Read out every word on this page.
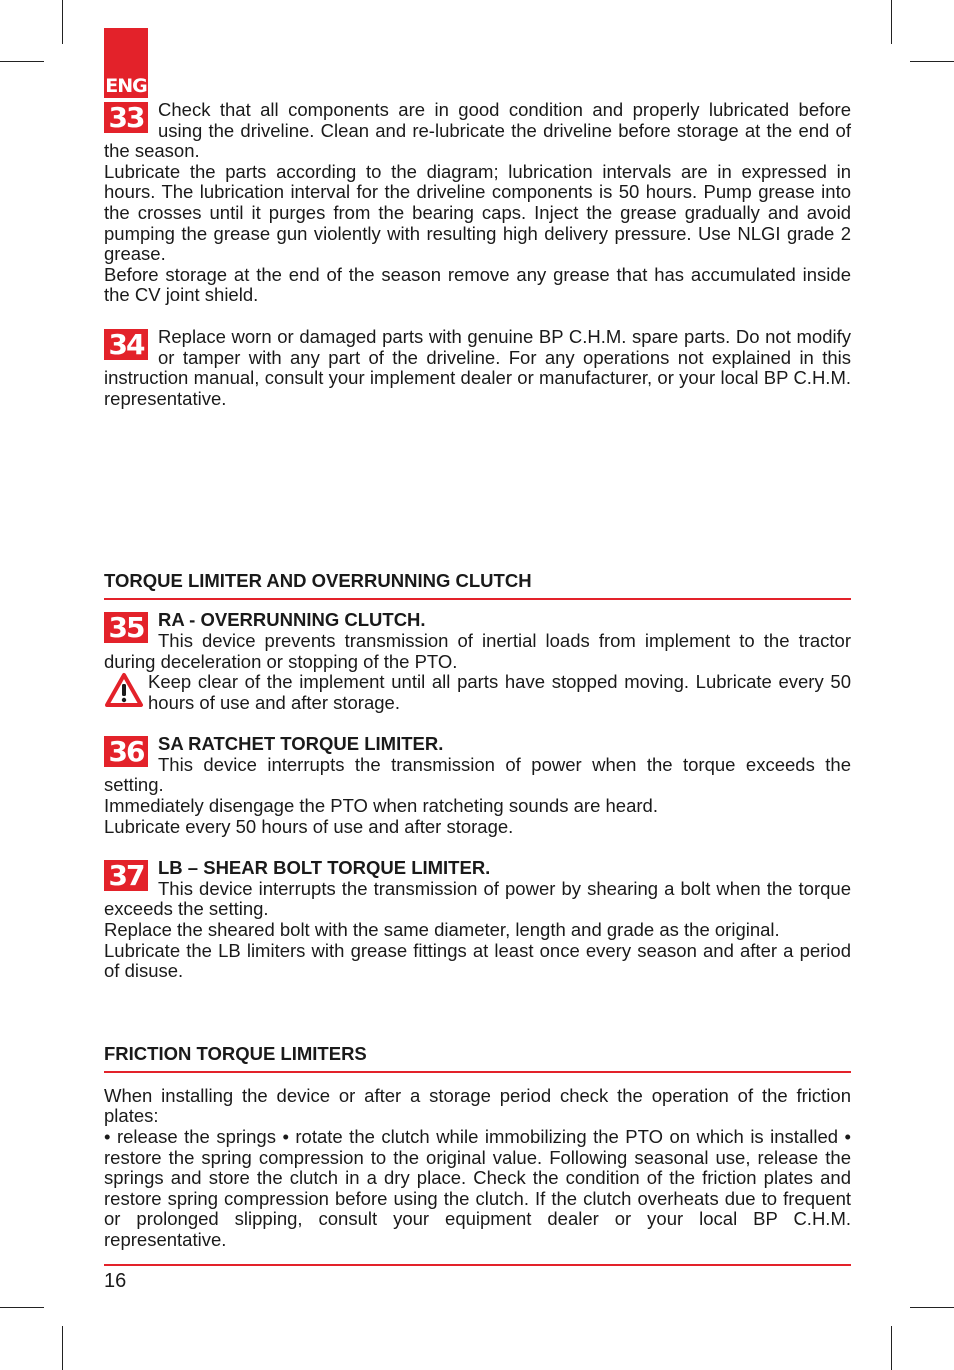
ENG
33 Check that all components are in good condition and properly lubricated before using the driveline. Clean and re-lubricate the driveline before storage at the end of the season.

Lubricate the parts according to the diagram; lubrication intervals are in expressed in hours. The lubrication interval for the driveline components is 50 hours. Pump grease into the crosses until it purges from the bearing caps. Inject the grease gradually and avoid pumping the grease gun violently with resulting high delivery pressure. Use NLGI grade 2 grease.

Before storage at the end of the season remove any grease that has accumulated inside the CV joint shield.

34 Replace worn or damaged parts with genuine BP C.H.M. spare parts. Do not modify or tamper with any part of the driveline. For any operations not explained in this instruction manual, consult your implement dealer or manufacturer, or your local BP C.H.M. representative.

TORQUE LIMITER AND OVERRUNNING CLUTCH
35 RA - OVERRUNNING CLUTCH.

This device prevents transmission of inertial loads from implement to the tractor during deceleration or stopping of the PTO.

Keep clear of the implement until all parts have stopped moving. Lubricate every 50 hours of use and after storage.

36 SA RATCHET TORQUE LIMITER.

This device interrupts the transmission of power when the torque exceeds the setting.

Immediately disengage the PTO when ratcheting sounds are heard.

Lubricate every 50 hours of use and after storage.

37 LB – SHEAR BOLT TORQUE LIMITER.

This device interrupts the transmission of power by shearing a bolt when the torque exceeds the setting.

Replace the sheared bolt with the same diameter, length and grade as the original.

Lubricate the LB limiters with grease fittings at least once every season and after a period of disuse.

FRICTION TORQUE LIMITERS

When installing the device or after a storage period check the operation of the friction plates:

• release the springs • rotate the clutch while immobilizing the PTO on which is installed • restore the spring compression to the original value. Following seasonal use, release the springs and store the clutch in a dry place. Check the condition of the friction plates and restore spring compression before using the clutch. If the clutch overheats due to frequent or prolonged slipping, consult your equipment dealer or your local BP C.H.M. representative.

16
